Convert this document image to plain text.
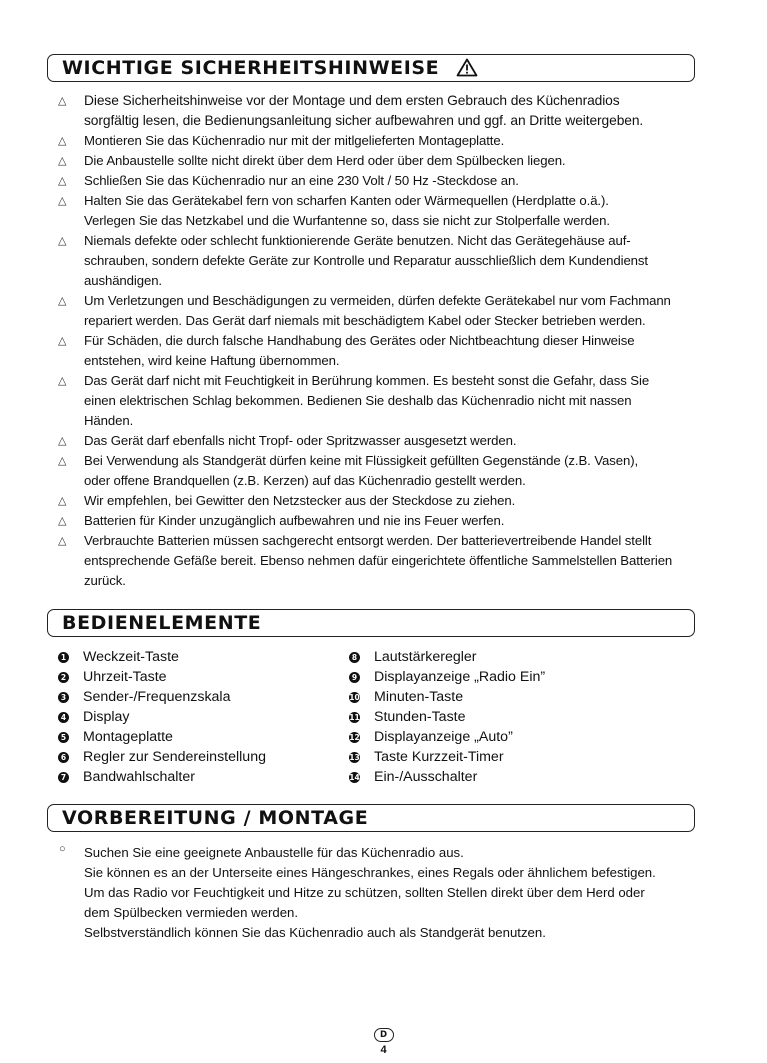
WICHTIGE SICHERHEITSHINWEISE
△ Diese Sicherheitshinweise vor der Montage und dem ersten Gebrauch des Küchenradios
sorgfältig lesen, die Bedienungsanleitung sicher aufbewahren und ggf. an Dritte weitergeben.
△ Montieren Sie das Küchenradio nur mit der mitlgelieferten Montageplatte.
△ Die Anbaustelle sollte nicht direkt über dem Herd oder über dem Spülbecken liegen.
△ Schließen Sie das Küchenradio nur an eine 230 Volt / 50 Hz -Steckdose an.
△ Halten Sie das Gerätekabel fern von scharfen Kanten oder Wärmequellen (Herdplatte o.ä.).
Verlegen Sie das Netzkabel und die Wurfantenne so, dass sie nicht zur Stolperfalle werden.
△ Niemals defekte oder schlecht funktionierende Geräte benutzen. Nicht das Gerätegehäuse auf-
schrauben, sondern defekte Geräte zur Kontrolle und Reparatur ausschließlich dem Kundendienst
aushändigen.
△ Um Verletzungen und Beschädigungen zu vermeiden, dürfen defekte Gerätekabel nur vom Fachmann
repariert werden. Das Gerät darf niemals mit beschädigtem Kabel oder Stecker betrieben werden.
△ Für Schäden, die durch falsche Handhabung des Gerätes oder Nichtbeachtung dieser Hinweise
entstehen, wird keine Haftung übernommen.
△ Das Gerät darf nicht mit Feuchtigkeit in Berührung kommen. Es besteht sonst die Gefahr, dass Sie
einen elektrischen Schlag bekommen. Bedienen Sie deshalb das Küchenradio nicht mit nassen
Händen.
△ Das Gerät darf ebenfalls nicht Tropf- oder Spritzwasser ausgesetzt werden.
△ Bei Verwendung als Standgerät dürfen keine mit Flüssigkeit gefüllten Gegenstände (z.B. Vasen),
oder offene Brandquellen (z.B. Kerzen) auf das Küchenradio gestellt werden.
△ Wir empfehlen, bei Gewitter den Netzstecker aus der Steckdose zu ziehen.
△ Batterien für Kinder unzugänglich aufbewahren und nie ins Feuer werfen.
△ Verbrauchte Batterien müssen sachgerecht entsorgt werden. Der batterievertreibende Handel stellt
entsprechende Gefäße bereit. Ebenso nehmen dafür eingerichtete öffentliche Sammelstellen Batterien
zurück.
BEDIENELEMENTE
1 Weckzeit-Taste
2 Uhrzeit-Taste
3 Sender-/Frequenzskala
4 Display
5 Montageplatte
6 Regler zur Sendereinstellung
7 Bandwahlschalter
8 Lautstärkeregler
9 Displayanzeige „Radio Ein”
10 Minuten-Taste
11 Stunden-Taste
12 Displayanzeige „Auto”
13 Taste Kurzzeit-Timer
14 Ein-/Ausschalter
VORBEREITUNG / MONTAGE
○ Suchen Sie eine geeignete Anbaustelle für das Küchenradio aus.

Sie können es an der Unterseite eines Hängeschrankes, eines Regals oder ähnlichem befestigen.

Um das Radio vor Feuchtigkeit und Hitze zu schützen, sollten Stellen direkt über dem Herd oder

dem Spülbecken vermieden werden.

Selbstverständlich können Sie das Küchenradio auch als Standgerät benutzen.

D
4
